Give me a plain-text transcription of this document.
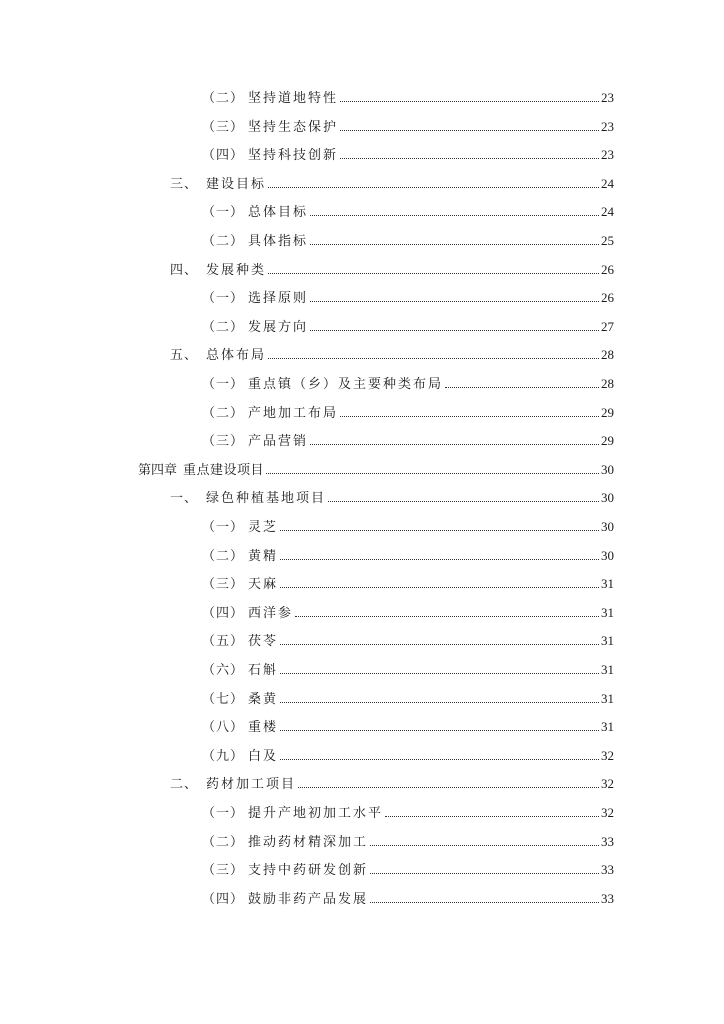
（二） 坚持道地特性	23
（三） 坚持生态保护	23
（四） 坚持科技创新	23
三、 建设目标	24
（一） 总体目标	24
（二） 具体指标	25
四、 发展种类	26
（一） 选择原则	26
（二） 发展方向	27
五、 总体布局	28
（一） 重点镇（乡）及主要种类布局	28
（二） 产地加工布局	29
（三） 产品营销	29
第四章 重点建设项目	30
一、 绿色种植基地项目	30
（一） 灵芝	30
（二） 黄精	30
（三） 天麻	31
（四） 西洋参	31
（五） 茯苓	31
（六） 石斛	31
（七） 桑黄	31
（八） 重楼	31
（九） 白及	32
二、 药材加工项目	32
（一） 提升产地初加工水平	32
（二） 推动药材精深加工	33
（三） 支持中药研发创新	33
（四） 鼓励非药产品发展	33
